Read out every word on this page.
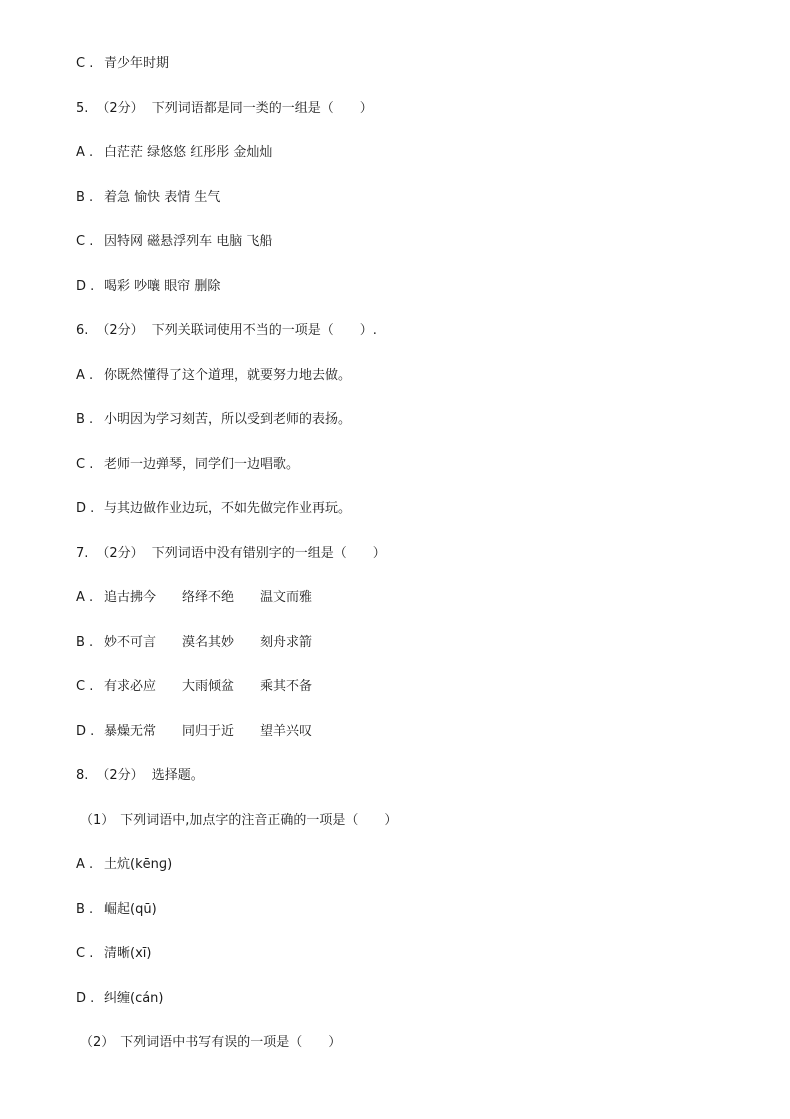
C . 青少年时期
5. （2分） 下列词语都是同一类的一组是（　　）
A . 白茫茫 绿悠悠 红彤彤 金灿灿
B . 着急 愉快 表情 生气
C . 因特网 磁悬浮列车 电脑 飞船
D . 喝彩 吵嚷 眼帘 删除
6. （2分） 下列关联词使用不当的一项是（　　）.
A . 你既然懂得了这个道理，就要努力地去做。
B . 小明因为学习刻苦，所以受到老师的表扬。
C . 老师一边弹琴，同学们一边唱歌。
D . 与其边做作业边玩，不如先做完作业再玩。
7. （2分） 下列词语中没有错别字的一组是（　　）
A . 追古拂今　　络绎不绝　　温文而雅
B . 妙不可言　　漠名其妙　　刻舟求箭
C . 有求必应　　大雨倾盆　　乘其不备
D . 暴燥无常　　同归于近　　望羊兴叹
8. （2分） 选择题。
（1） 下列词语中,加点字的注音正确的一项是（　　）
A . 土炕(kēnɡ)
B . 崛起(qū)
C . 清晰(xī)
D . 纠缠(cán)
（2） 下列词语中书写有误的一项是（　　）
